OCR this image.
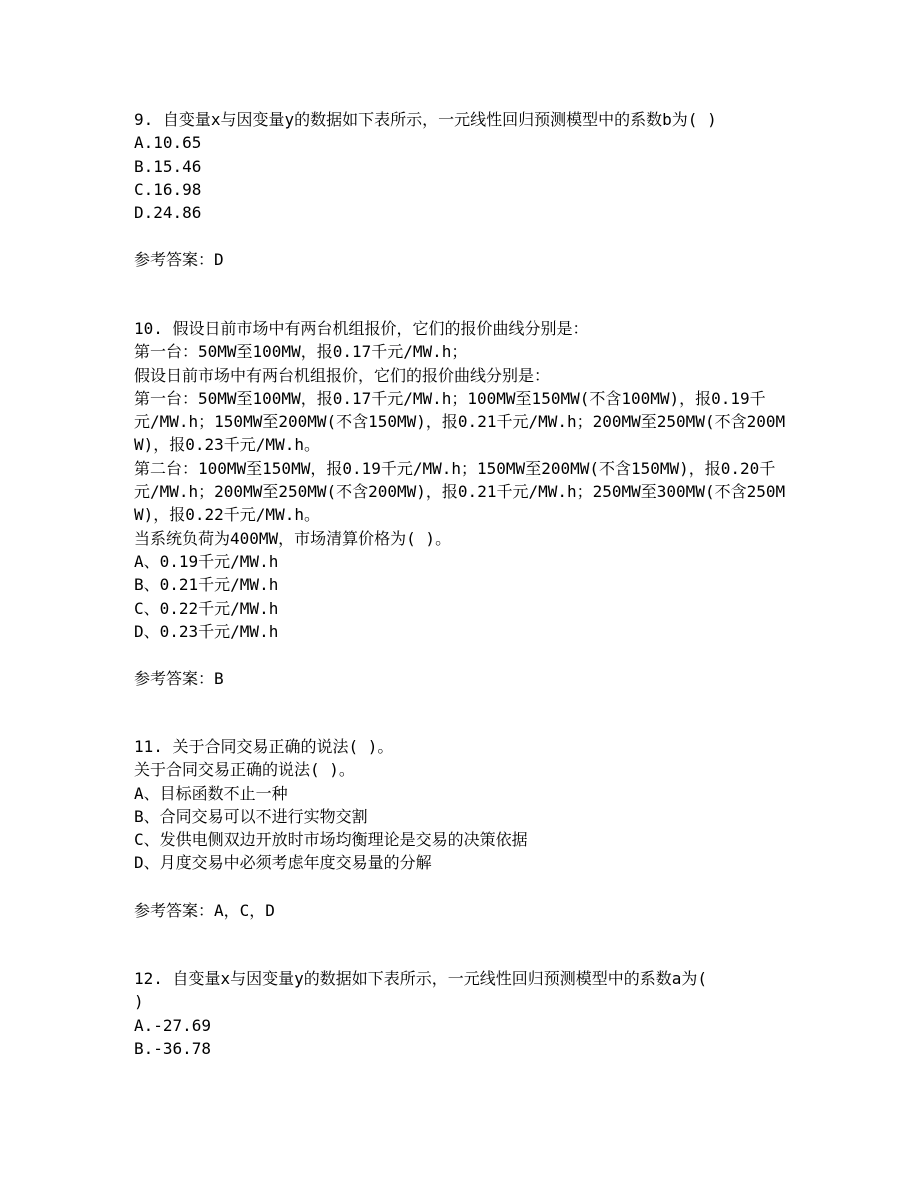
9. 自变量x与因变量y的数据如下表所示，一元线性回归预测模型中的系数b为( )
A.10.65
B.15.46
C.16.98
D.24.86
参考答案：D
10. 假设日前市场中有两台机组报价，它们的报价曲线分别是：
第一台：50MW至100MW，报0.17千元/MW.h；
假设日前市场中有两台机组报价，它们的报价曲线分别是：
第一台：50MW至100MW，报0.17千元/MW.h；100MW至150MW(不含100MW)，报0.19千
元/MW.h；150MW至200MW(不含150MW)，报0.21千元/MW.h；200MW至250MW(不含200M
W)，报0.23千元/MW.h。
第二台：100MW至150MW，报0.19千元/MW.h；150MW至200MW(不含150MW)，报0.20千
元/MW.h；200MW至250MW(不含200MW)，报0.21千元/MW.h；250MW至300MW(不含250M
W)，报0.22千元/MW.h。
当系统负荷为400MW，市场清算价格为( )。
A、0.19千元/MW.h
B、0.21千元/MW.h
C、0.22千元/MW.h
D、0.23千元/MW.h
参考答案：B
11. 关于合同交易正确的说法( )。
关于合同交易正确的说法( )。
A、目标函数不止一种
B、合同交易可以不进行实物交割
C、发供电侧双边开放时市场均衡理论是交易的决策依据
D、月度交易中必须考虑年度交易量的分解
参考答案：A，C，D
12. 自变量x与因变量y的数据如下表所示，一元线性回归预测模型中的系数a为(
)
A.-27.69
B.-36.78
